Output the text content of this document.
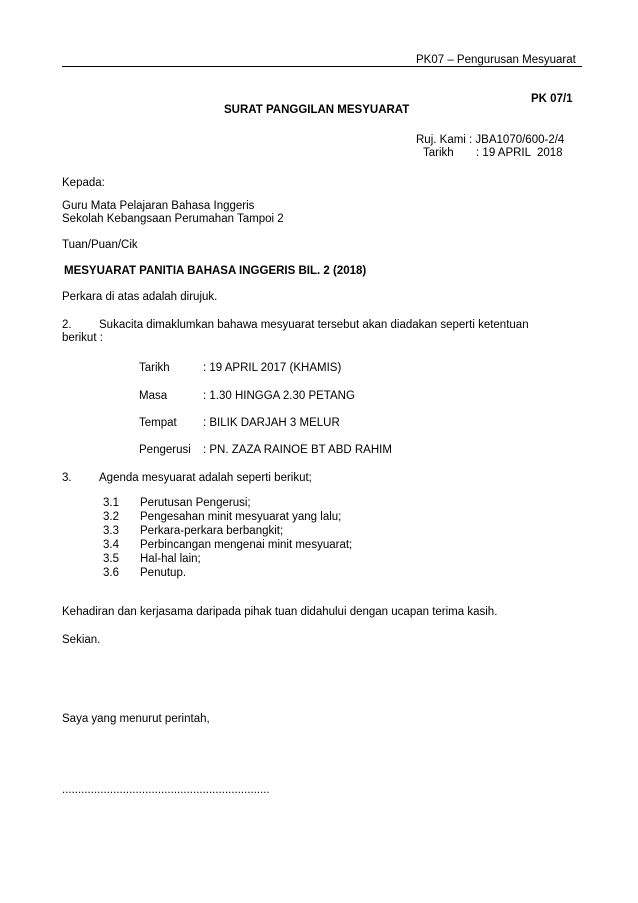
PK07 – Pengurusan Mesyuarat
PK 07/1
SURAT PANGGILAN MESYUARAT
Ruj. Kami : JBA1070/600-2/4
Tarikh       : 19 APRIL  2018
Kepada:
Guru Mata Pelajaran Bahasa Inggeris
Sekolah Kebangsaan Perumahan Tampoi 2
Tuan/Puan/Cik
MESYUARAT PANITIA BAHASA INGGERIS BIL. 2 (2018)
Perkara di atas adalah dirujuk.
2. Sukacita dimaklumkan bahawa mesyuarat tersebut akan diadakan seperti ketentuan
berikut :
Tarikh	: 19 APRIL 2017 (KHAMIS)
Masa	: 1.30 HINGGA 2.30 PETANG
Tempat : BILIK DARJAH 3 MELUR
Pengerusi : PN. ZAZA RAINOE BT ABD RAHIM
3. Agenda mesyuarat adalah seperti berikut;
3.1 Perutusan Pengerusi;
3.2 Pengesahan minit mesyuarat yang lalu;
3.3 Perkara-perkara berbangkit;
3.4 Perbincangan mengenai minit mesyuarat;
3.5 Hal-hal lain;
3.6 Penutup.
Kehadiran dan kerjasama daripada pihak tuan didahului dengan ucapan terima kasih.
Sekian.
Saya yang menurut perintah,
.................................................................
